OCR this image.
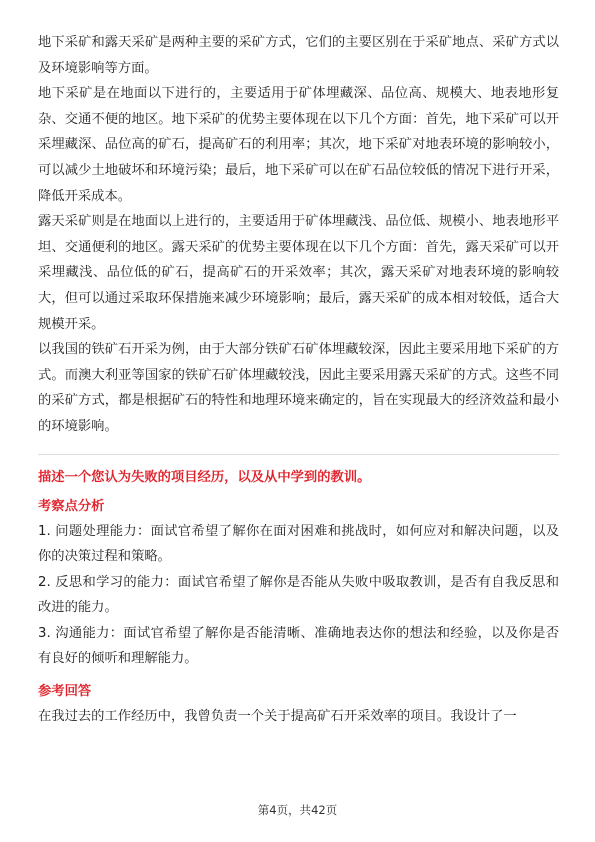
地下采矿和露天采矿是两种主要的采矿方式，它们的主要区别在于采矿地点、采矿方式以及环境影响等方面。

地下采矿是在地面以下进行的，主要适用于矿体埋藏深、品位高、规模大、地表地形复杂、交通不便的地区。地下采矿的优势主要体现在以下几个方面：首先，地下采矿可以开采埋藏深、品位高的矿石，提高矿石的利用率；其次，地下采矿对地表环境的影响较小，可以减少土地破坏和环境污染；最后，地下采矿可以在矿石品位较低的情况下进行开采，降低开采成本。

露天采矿则是在地面以上进行的，主要适用于矿体埋藏浅、品位低、规模小、地表地形平坦、交通便利的地区。露天采矿的优势主要体现在以下几个方面：首先，露天采矿可以开采埋藏浅、品位低的矿石，提高矿石的开采效率；其次，露天采矿对地表环境的影响较大，但可以通过采取环保措施来减少环境影响；最后，露天采矿的成本相对较低，适合大规模开采。

以我国的铁矿石开采为例，由于大部分铁矿石矿体埋藏较深，因此主要采用地下采矿的方式。而澳大利亚等国家的铁矿石矿体埋藏较浅，因此主要采用露天采矿的方式。这些不同的采矿方式，都是根据矿石的特性和地理环境来确定的，旨在实现最大的经济效益和最小的环境影响。

描述一个您认为失败的项目经历，以及从中学到的教训。

考察点分析

1. 问题处理能力：面试官希望了解你在面对困难和挑战时，如何应对和解决问题，以及你的决策过程和策略。

2. 反思和学习的能力：面试官希望了解你是否能从失败中吸取教训，是否有自我反思和改进的能力。

3. 沟通能力：面试官希望了解你是否能清晰、准确地表达你的想法和经验，以及你是否有良好的倾听和理解能力。

参考回答

在我过去的工作经历中，我曾负责一个关于提高矿石开采效率的项目。我设计了一

第4页，共42页
